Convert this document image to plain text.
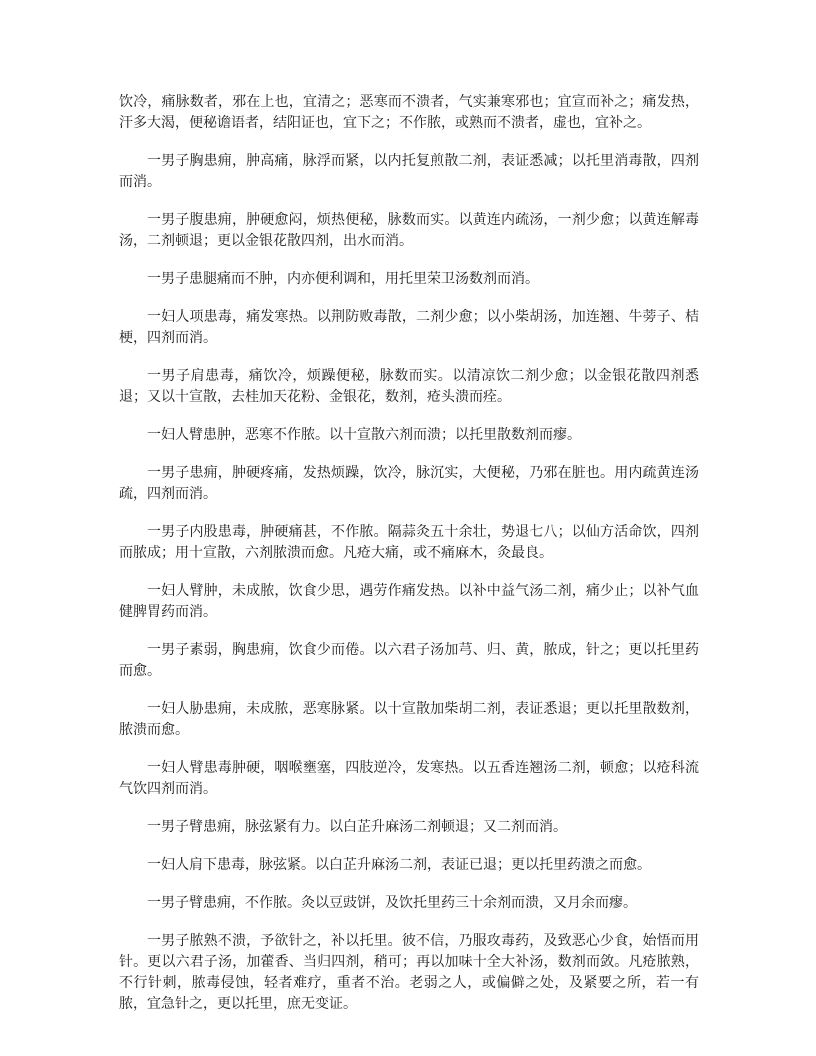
饮冷，痛脉数者，邪在上也，宜清之；恶寒而不溃者，气实兼寒邪也；宜宣而补之；痛发热，汗多大渴，便秘谵语者，结阳证也，宜下之；不作脓，或熟而不溃者，虚也，宜补之。

一男子胸患痈，肿高痛，脉浮而紧，以内托复煎散二剂，表证悉减；以托里消毒散，四剂而消。

一男子腹患痈，肿硬愈闷，烦热便秘，脉数而实。以黄连内疏汤，一剂少愈；以黄连解毒汤，二剂顿退；更以金银花散四剂，出水而消。

一男子患腿痛而不肿，内亦便利调和，用托里荣卫汤数剂而消。

一妇人项患毒，痛发寒热。以荆防败毒散，二剂少愈；以小柴胡汤，加连翘、牛蒡子、桔梗，四剂而消。

一男子肩患毒，痛饮冷，烦躁便秘，脉数而实。以清凉饮二剂少愈；以金银花散四剂悉退；又以十宣散，去桂加天花粉、金银花，数剂，疮头溃而痊。

一妇人臂患肿，恶寒不作脓。以十宣散六剂而溃；以托里散数剂而瘳。

一男子患痈，肿硬疼痛，发热烦躁，饮冷，脉沉实，大便秘，乃邪在脏也。用内疏黄连汤疏，四剂而消。

一男子内股患毒，肿硬痛甚，不作脓。隔蒜灸五十余壮，势退七八；以仙方活命饮，四剂而脓成；用十宣散，六剂脓溃而愈。凡疮大痛，或不痛麻木，灸最良。

一妇人臂肿，未成脓，饮食少思，遇劳作痛发热。以补中益气汤二剂，痛少止；以补气血健脾胃药而消。

一男子素弱，胸患痈，饮食少而倦。以六君子汤加芎、归、黄，脓成，针之；更以托里药而愈。

一妇人胁患痈，未成脓，恶寒脉紧。以十宣散加柴胡二剂，表证悉退；更以托里散数剂，脓溃而愈。

一妇人臂患毒肿硬，咽喉壅塞，四肢逆冷，发寒热。以五香连翘汤二剂，顿愈；以疮科流气饮四剂而消。

一男子臂患痈，脉弦紧有力。以白芷升麻汤二剂顿退；又二剂而消。

一妇人肩下患毒，脉弦紧。以白芷升麻汤二剂，表证已退；更以托里药溃之而愈。

一男子臂患痈，不作脓。灸以豆豉饼，及饮托里药三十余剂而溃，又月余而瘳。

一男子脓熟不溃，予欲针之，补以托里。彼不信，乃服攻毒药，及致恶心少食，始悟而用针。更以六君子汤，加藿香、当归四剂，稍可；再以加味十全大补汤，数剂而敛。凡疮脓熟，不行针刺，脓毒侵蚀，轻者难疗，重者不治。老弱之人，或偏僻之处，及紧要之所，若一有脓，宜急针之，更以托里，庶无变证。
